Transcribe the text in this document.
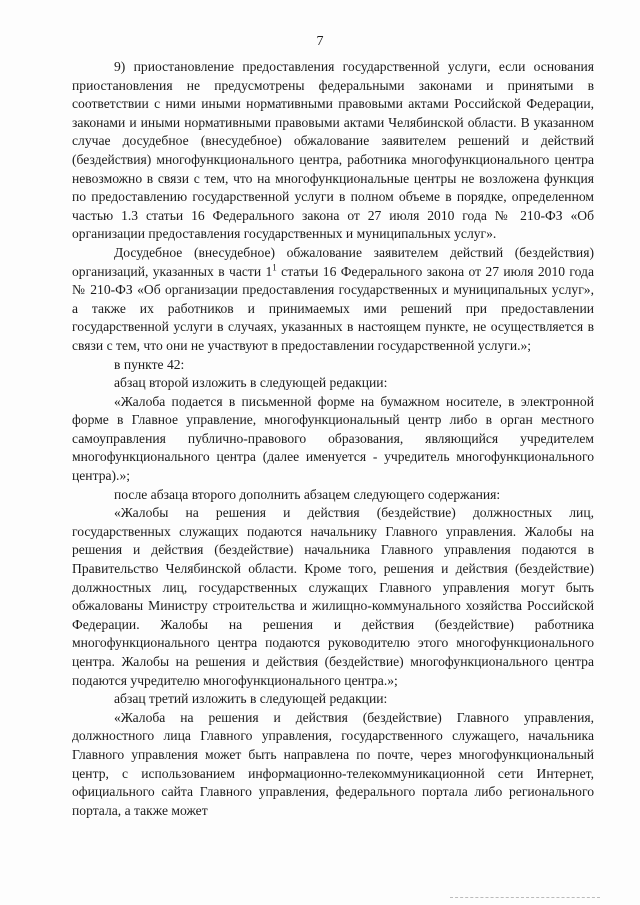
7

9) приостановление предоставления государственной услуги, если основания приостановления не предусмотрены федеральными законами и принятыми в соответствии с ними иными нормативными правовыми актами Российской Федерации, законами и иными нормативными правовыми актами Челябинской области. В указанном случае досудебное (внесудебное) обжалование заявителем решений и действий (бездействия) многофункционального центра, работника многофункционального центра невозможно в связи с тем, что на многофункциональные центры не возложена функция по предоставлению государственной услуги в полном объеме в порядке, определенном частью 1.3 статьи 16 Федерального закона от 27 июля 2010 года № 210-ФЗ «Об организации предоставления государственных и муниципальных услуг».

Досудебное (внесудебное) обжалование заявителем действий (бездействия) организаций, указанных в части $1^1$ статьи 16 Федерального закона от 27 июля 2010 года № 210-ФЗ «Об организации предоставления государственных и муниципальных услуг», а также их работников и принимаемых ими решений при предоставлении государственной услуги в случаях, указанных в настоящем пункте, не осуществляется в связи с тем, что они не участвуют в предоставлении государственной услуги.»;

в пункте 42:

абзац второй изложить в следующей редакции:

«Жалоба подается в письменной форме на бумажном носителе, в электронной форме в Главное управление, многофункциональный центр либо в орган местного самоуправления публично-правового образования, являющийся учредителем многофункционального центра (далее именуется - учредитель многофункционального центра).»;

после абзаца второго дополнить абзацем следующего содержания:

«Жалобы на решения и действия (бездействие) должностных лиц, государственных служащих подаются начальнику Главного управления. Жалобы на решения и действия (бездействие) начальника Главного управления подаются в Правительство Челябинской области. Кроме того, решения и действия (бездействие) должностных лиц, государственных служащих Главного управления могут быть обжалованы Министру строительства и жилищно-коммунального хозяйства Российской Федерации. Жалобы на решения и действия (бездействие) работника многофункционального центра подаются руководителю этого многофункционального центра. Жалобы на решения и действия (бездействие) многофункционального центра подаются учредителю многофункционального центра.»;

абзац третий изложить в следующей редакции:

«Жалоба на решения и действия (бездействие) Главного управления, должностного лица Главного управления, государственного служащего, начальника Главного управления может быть направлена по почте, через многофункциональный центр, с использованием информационно-телекоммуникационной сети Интернет, официального сайта Главного управления, федерального портала либо регионального портала, а также может
